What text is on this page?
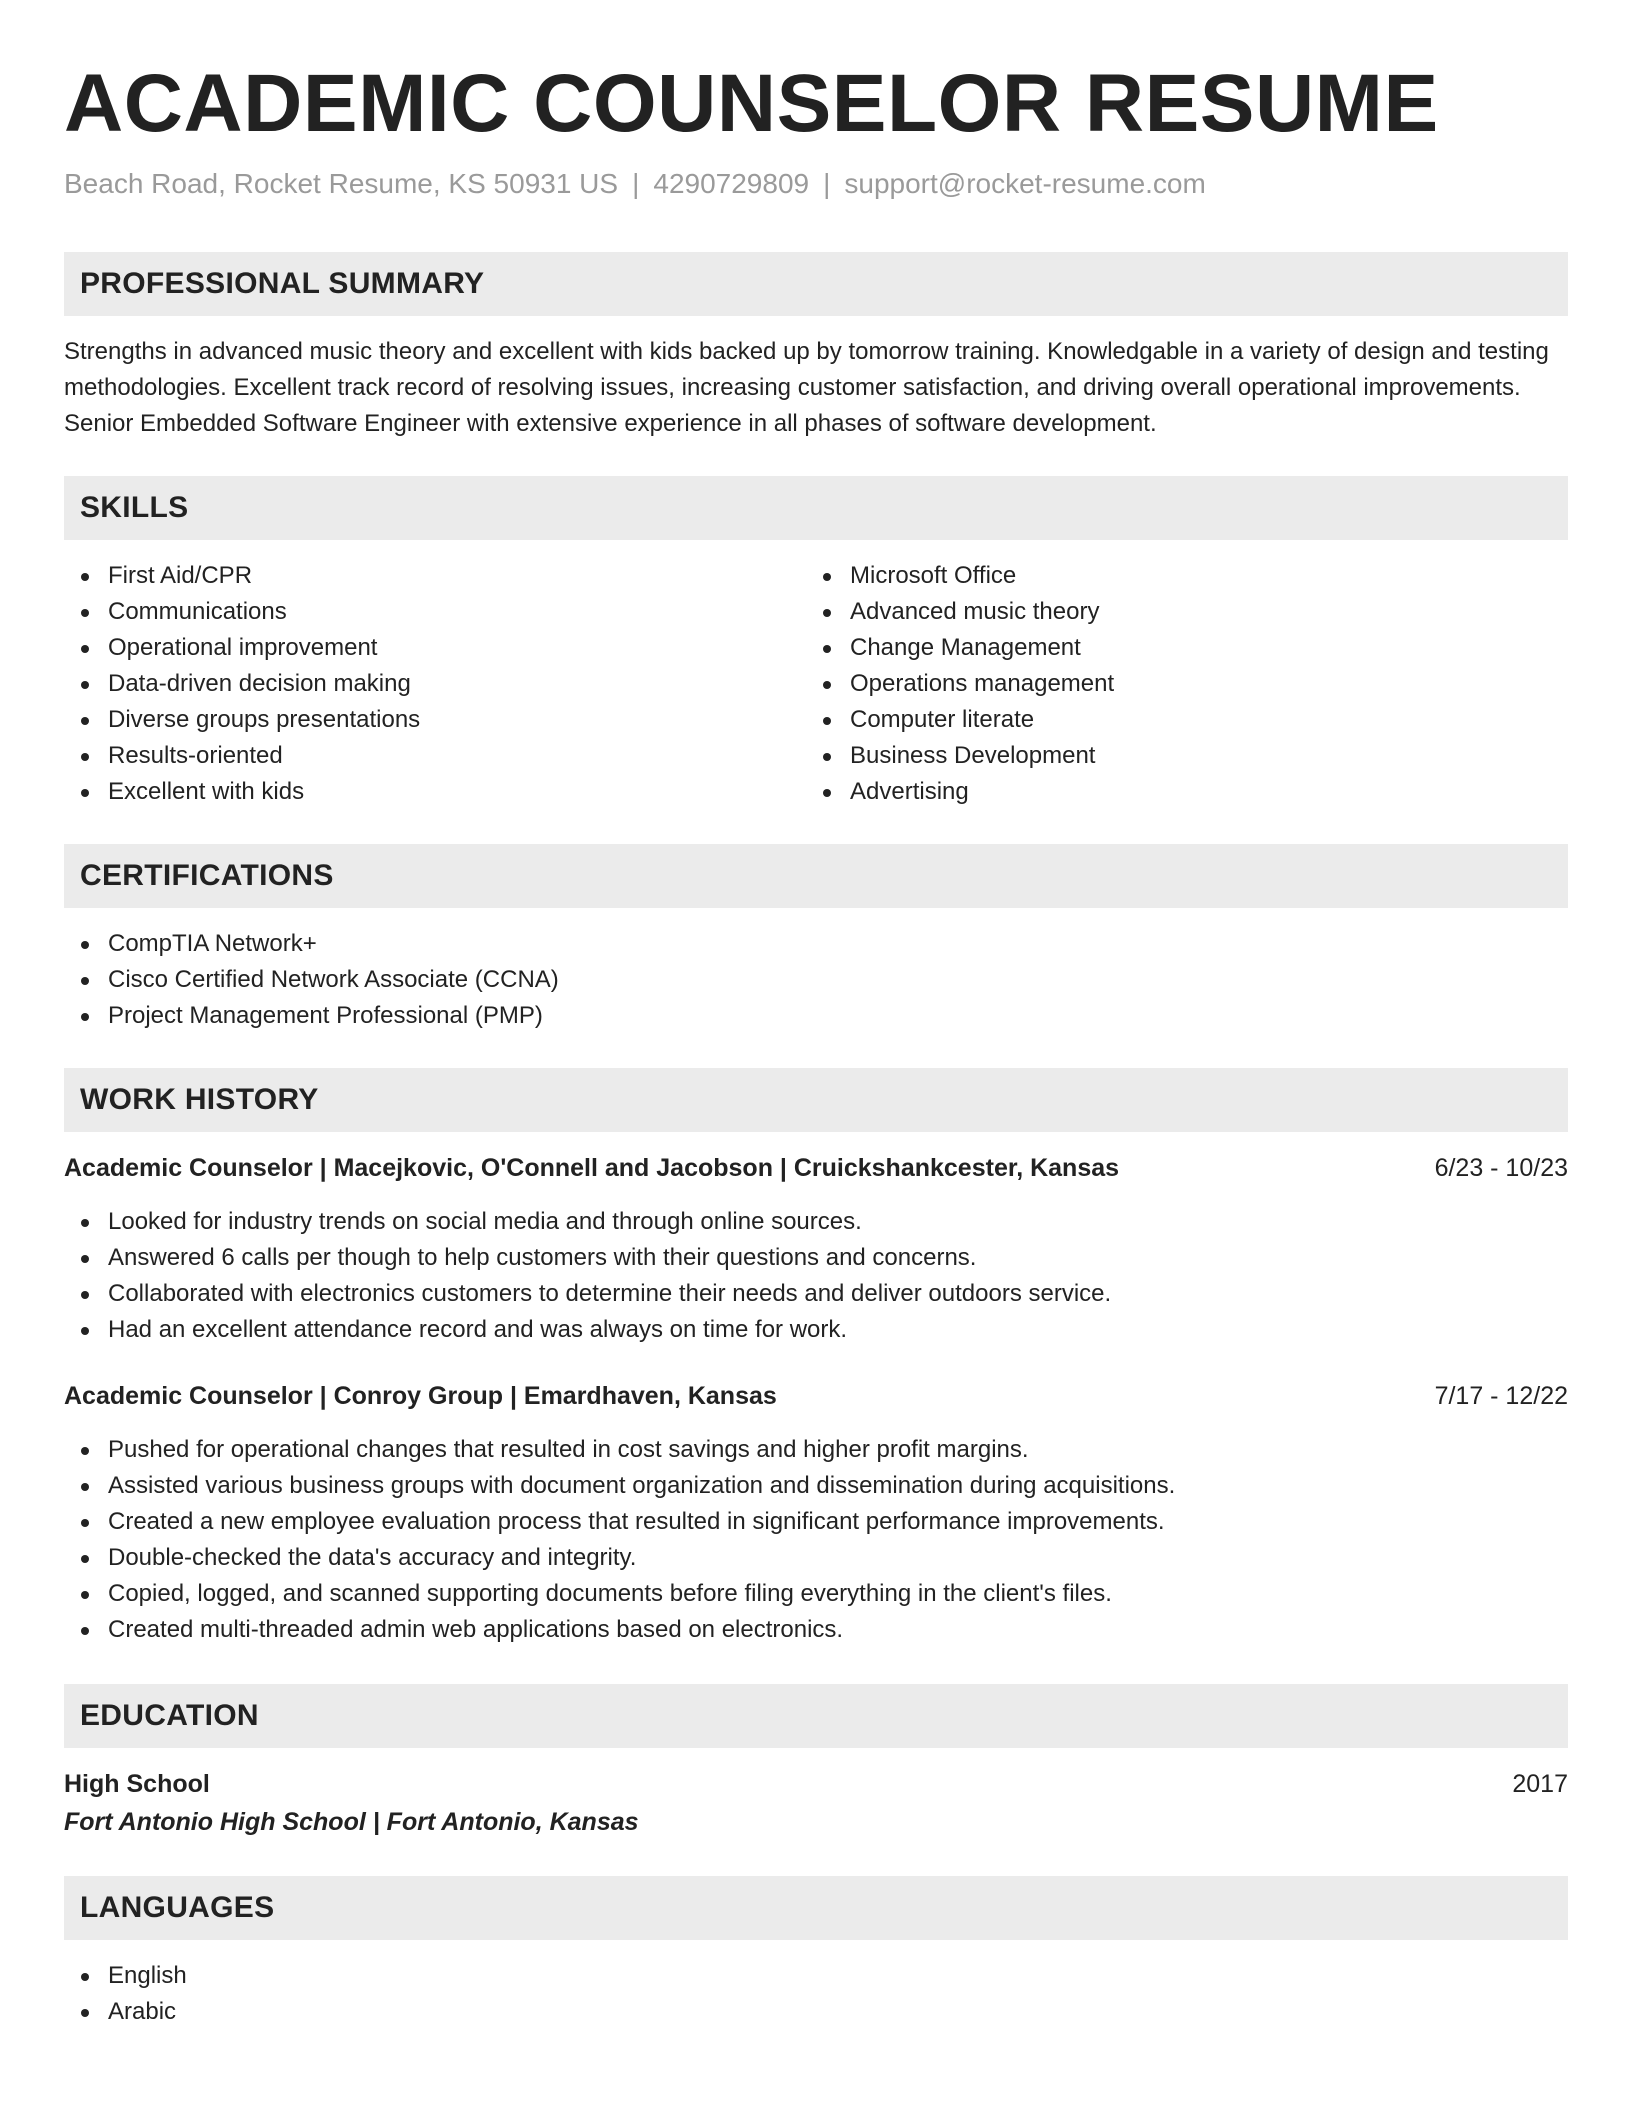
ACADEMIC COUNSELOR RESUME
Beach Road, Rocket Resume, KS 50931 US | 4290729809 | support@rocket-resume.com
PROFESSIONAL SUMMARY

Strengths in advanced music theory and excellent with kids backed up by tomorrow training. Knowledgable in a variety of design and testing methodologies. Excellent track record of resolving issues, increasing customer satisfaction, and driving overall operational improvements. Senior Embedded Software Engineer with extensive experience in all phases of software development.

SKILLS
First Aid/CPR
Communications
Operational improvement
Data-driven decision making
Diverse groups presentations
Results-oriented
Excellent with kids
Microsoft Office
Advanced music theory
Change Management
Operations management
Computer literate
Business Development
Advertising
CERTIFICATIONS
CompTIA Network+
Cisco Certified Network Associate (CCNA)
Project Management Professional (PMP)
WORK HISTORY
Academic Counselor | Macejkovic, O'Connell and Jacobson | Cruickshankcester, Kansas	6/23 - 10/23
Looked for industry trends on social media and through online sources.
Answered 6 calls per though to help customers with their questions and concerns.
Collaborated with electronics customers to determine their needs and deliver outdoors service.
Had an excellent attendance record and was always on time for work.
Academic Counselor | Conroy Group | Emardhaven, Kansas	7/17 - 12/22
Pushed for operational changes that resulted in cost savings and higher profit margins.
Assisted various business groups with document organization and dissemination during acquisitions.
Created a new employee evaluation process that resulted in significant performance improvements.
Double-checked the data's accuracy and integrity.
Copied, logged, and scanned supporting documents before filing everything in the client's files.
Created multi-threaded admin web applications based on electronics.
EDUCATION
High School	2017
Fort Antonio High School | Fort Antonio, Kansas
LANGUAGES
English
Arabic
